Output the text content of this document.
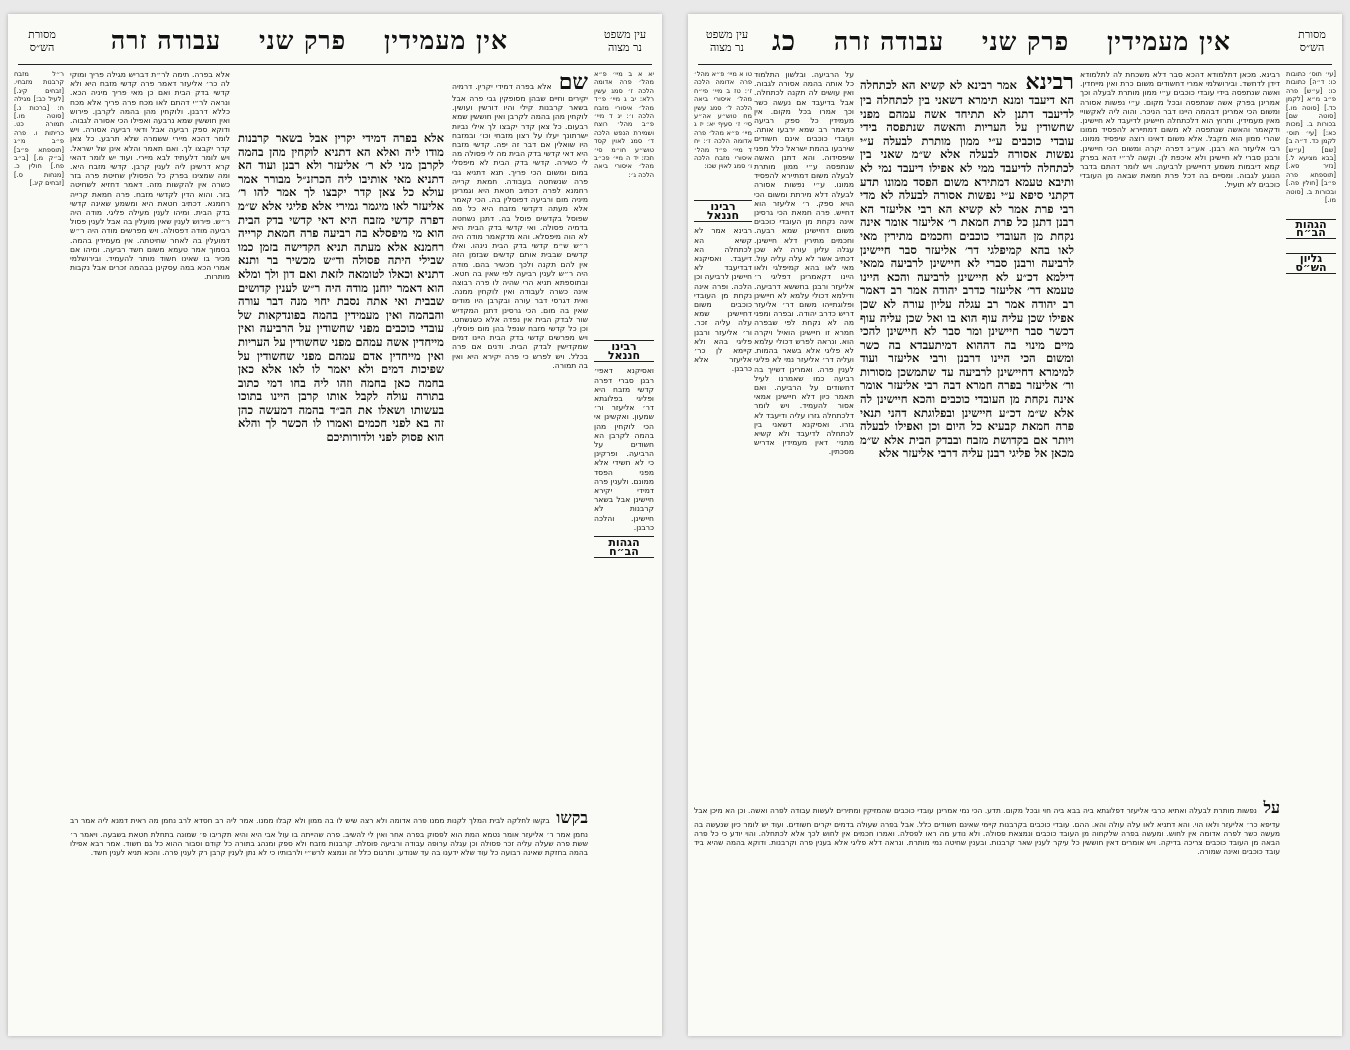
אין מעמידין פרק שני עבודה זרה
מסורת הש״ס
עין משפט נר מצוה

יא א ב מיי׳ פ״א מהל׳ פרה אדומה הלכה ז׳ סמג עשין רלא: יב ג מיי׳ פ״ד מהל׳ איסורי מזבח הלכה ו׳: יג ד מיי׳ פ״ב מהל׳ רוצח ושמירת הנפש הלכה ד׳ סמג לאוין קסד טוש״ע חו״מ סי׳ תכז: יד ה מיי׳ פכ״ב מהל׳ איסורי ביאה הלכה ג׳:

רבינו חננאל

ואסיקנא דאפי׳ רבנן סברי דפרה קדשי מזבח היא ופליגי בפלוגתא דר׳ אליעזר ור׳ שמעון. ואקשינן אי הכי לוקחין מהן בהמה לקרבן הא חשודים על הרביעה. ופרקינן כי לא חשידי אלא מפני הפסד ממונם. ולענין פרה דמידי יקירא חיישינן אבל בשאר קרבנות לא חיישינן. והלכה כרבנן.

הגהות הב״ח

שם אלא בפרה דמידי יקרין. דרמיה יקירים וחיים שבהן מסופקין גבי פרה אבל בשאר קרבנות קילי והיו דורשין ועושין. לוקחין מהן בהמה לקרבן ואין חוששין שמא רבעום. כל צאן קדר יקבצו לך אילי נביות ישרתונך יעלו על רצון מזבחי וכו׳ ובמזבח היו שואלין אם דבר זה יפה. קדשי מזבח היא דאי קדשי בדק הבית מה לי פסולה מה לי כשירה. קדשי בדק הבית לא מיפסלי במום ומשום הכי פריך. תנא דתניא גבי פרה שנשחטה בעבודה. חמאת קרייה רחמנא לפרה דכתיב חטאת היא וגמרינן מיניה מום ורביעה דפוסלין בה. הכי קאמר אלא מעתה דקדשי מזבח היא כל מה שפוסל בקדשים פוסל בה. דתנן נשחטה בדמיה פסולה. ואי קדשי בדק הבית היא לא הוה מיפסלא. והא מדקאמר מודה היה ר״ש ש״מ קדשי בדק הבית נינהו. ואלו קדשים שבבית אותם קדשים שבזמן הזה אין להם תקנה ולכך מכשיר בהם. מודה היה ר״ש לענין רביעה לפי שאין בה חטא. ובתוספתא תניא הרי שהיה לו פרה רבוצה אינה כשרה לעבודה ואין לוקחין ממנה. ואית דגרסי דבר עורה ובקרבן היו מודים שאין בה מום. הכי גרסינן דתנן המקדיש שור לבדק הבית אין נפדה אלא כשנשחט. וכן כל קדשי מזבח שנפל בהן מום פוסלין. ויש מפרשים קדשי בדק הבית היינו דמים שמקדישין לבדק הבית. ודנים אם פרה בכלל. ויש לפרש כי פרה יקירא היא ואין בה תמורה.

אלא בפרה דמידי יקרין אבל בשאר קרבנות מודו ליה ואלא הא דתניא לוקחין מהן בהמה לקרבן מני לא ר׳ אליעזר ולא רבנן ועוד הא דתניא מאי אותיבו ליה הכרזנ״ל מבורר אמר עולא כל צאן קדר יקבצו לך אמר להו ר׳ אליעזר לאו מיגמר גמירי אלא פליגי אלא ש״מ דפרה קדשי מזבח היא דאי קדשי בדק הבית הוא מי מיפסלא בה רביעה פרה חמאת קרייה רחמנא אלא מעתה תניא הקדישה בזמן כמו שבילי היתה פסולה וד״ש מכשיר בר ותנא דתניא וכאלו לטומאה לזאת ואם דון ולך ומלא הוא דאמר יוחנן מודה היה ר״ש לענין קדושים שבבית ואי אתה נסבת יחוי מנה דבר עורה והבהמה ואין מעמידין בהמה בפונדקאות של עובדי כוכבים מפני שחשודין על הרביעה ואין מייחדין אשה עמהם מפני שחשודין על העריות ואין מייחדין אדם עמהם מפני שחשודין על שפיכות דמים ולא יאמר לו לאו אלא כאן בחמה כאן בחמה וזהו ליה בחו דמי כתוב בתורה עולה לקבל אותו קרבן היינו בתוכו בעשותו ושאלו את הב״ד בהמה דמעשה כהן זה בא לפני חכמים ואמרו לו הכשר לך והלא הוא פסוק לפני ולדורותיכם

אלא בפרה. תימה לר״ת דבריש מגילה פריך ומוקי לה כר׳ אליעזר דאמר פרה קדשי מזבח היא ולא קדשי בדק הבית ואם כן מאי פריך מיניה הכא. ונראה לר״י דהתם לאו מכח פרה פריך אלא מכח כללא דרבנן. ולוקחין מהן בהמה לקרבן. פירוש ואין חוששין שמא נרבעה ואפילו הכי אסורה לגבוה. ודוקא ספק רביעה אבל ודאי רביעה אסורה. ויש לומר דהכא מיירי ששמרה שלא תרבע. כל צאן קדר יקבצו לך. ואם תאמר והלא אינן של ישראל. ויש לומר דלעתיד לבא מיירי. ועוד יש לומר דהאי קרא דרשינן ליה לענין קרבן. קדשי מזבח היא. ומה שמצינו בפרק כל הפסולין שחיטת פרה בזר כשרה אין להקשות מזה. דאמר דחזיא לשחיטה בזר. והוא הדין לקדשי מזבח. פרה חמאת קרייה רחמנא. דכתיב חטאת היא ומשמע שאינה קדשי בדק הבית. ומיהו לענין מעילה פליגי. מודה היה ר״ש. פירוש לענין שאין מועלין בה אבל לענין פסול רביעה מודה דפסולה. ויש מפרשים מודה היה ר״ש דמועלין בה לאחר שחיטתה. אין מעמידין בהמה. בסמוך אמר טעמא משום חשד רביעה. ומיהו אם מכיר בו שאינו חשוד מותר להעמיד. ובירושלמי אמרי הכא במה עסקינן בבהמה זכרים אבל נקבות מותרות.

ר״ל מזבח קרבנות מזבחי. [זבחים קיג.] [לעיל כב:] מגילה ח: [ברכות נ.] [סוטה מו.] תמורה כט. כריתות ו. פרה פ״ב מ״ג [תוספתא פ״ב] [ב״ק מ.] [ב״ב פח.] חולין כ. [מנחות ס.] [זבחים קיג.]

בקשו בקשו לחלקה לבית המלך לקנות ממנו פרה אדומה ולא רצה שיש לו בה ממון ולא קבלו ממנו. אמר ליה רב חסדא לרב נחמן מה ראית דמנא ליה אמר רב נחמן אמר ר׳ אליעזר אומר נטמא המת הוא לפסוק בפרה אחר ואין לי להשיב. פרה שהייתה בו עול אבי היא והיא תקריבו פ׳ שמונה בתחלת חטאת בשבעה. ויאמר ר׳ ששת פרה שעלה עליה זכר פסולה וכן עגלה ערופה עבודה ורביעה פוסלת. קרבנות מזבח ולא ספק ומנהג בתורה כל קודם וסבור ההוא כל גם חשוד. אמר רבא אפילו בהמה בחזקת שאינה רבועה כל עוד שלא ידענו בה עד שנודע. ותרגום כלל זה ונמצא לרש״י ולרבותיו כי לא נתן לענין קרבן רק לענין פרה. והכא תניא לענין חשד.

אין מעמידין פרק שני עבודה זרה כג	מסורת הש״ס
עין משפט נר מצוה

[עי׳ תוס׳ כתובות כו: ד״ה] כתובות כו: [ע״ש] פרה פ״ב מ״א [לקמן כד.] [סוטה מו.] [סוטה שם] בכורות ב. [מכות כא:] [עי׳ תוס׳ לקמן כד. ד״ה ב] [שם] [ע״ש] [בבא מציעא ל.] [נזיר סא.] [תוספתא פרה פ״ב] [חולין פה.] ובכורות ב. [סוטה מו.]

הגהות הב״ח
גליון הש״ס

רבינא. מכאן דתלמודא דהכא סבר דלא משכחת לה לתלמודא דידן לדחשד. ובירושלמי אמרי דחשודים משום כרת ואין מייחדין. ואשה שנתפסה בידי עובדי כוכבים ע״י ממון מותרת לבעלה וכך אמרינן בפרק אשה שנתפסה ובכל מקום. ע״י נפשות אסורה ומשום הכי אמרינן דבהמה היינו דבר הניכר. והוה ליה לאקשויי מאין מעמידין. ותרוץ הוא דלכתחלה חיישינן לדיעבד לא חיישינן. ודקאמר והאשה שנתפסה לא משום דמתיירא להפסיד ממונו שהרי ממון הוא מקבל. אלא משום דאינו רוצה שיפסיד ממונו. רבי אליעזר הא רבנן. אע״ג דפרה יקרה ומשום הכי חיישינן. ורבנן סברי לא חיישינן ולא איכפת לן. וקשה לר״י דהא בפרק קמא דיבמות משמע דחיישינן לרביעה. ויש לומר דהתם בדבר הנוגע לגבוה. ומסיים בה דכל פרת חמאת שבאה מן העובדי כוכבים לא תועיל.

רבינא אמר רבינא לא קשיא הא לכתחלה הא דיעבד ומנא תימרא דשאני בין לכתחלה בין לדיעבד דתנן לא תתיחד אשה עמהם מפני שחשודין על העריות והאשה שנתפסה בידי עובדי כוכבים ע״י ממון מותרת לבעלה ע״י נפשות אסורה לבעלה אלא ש״מ שאני בין לכתחלה לדיעבד ממי לא אפילו דיעבד נמי לא ותיבא טעמא דמתירא משום הפסד ממונו תדע דקתני סיפא ע״י נפשות אסורה לבעלה לא מדי רבי פרת אמר לא קשיא הא רבי אליעזר הא רבנן דתנן כל פרת חמאת ר׳ אליעזר אומר אינה נקחת מן העובדי כוכבים וחכמים מתירין מאי לאו בהא קמיפלגי דר׳ אליעזר סבר חיישינן לרביעה ורבנן סברי לא חיישינן לרביעה ממאי דילמא דכ״ע לא חיישינן לרביעה והכא היינו טעמא דר׳ אליעזר כדרב יהודה אמר רב דאמר רב יהודה אמר רב עגלה עליון עורה לא שכן אפילו שכן עליה עוף הוא בו ואל שכן עליה עוף דכשר סבר חיישינן ומר סבר לא חיישינן להכי מיים מינוי בה דההוא דמיתעבדא בה כשר ומשום הכי היינו דרבנן ורבי אליעזר ועוד למימרא דחיישינן לרביעה עד שתמשכן מסורות ור׳ אליעזר בפרה חמרא דבה רבי אליעזר אומר אינה נקחת מן העובדי כוכבים והכא חיישינן לה אלא ש״מ דכ״ע חיישינן ובפלוגתא דהני תנאי פרה חמאת קבעיא כל היום וכן ואפילו לבעלה ויותר אם בקדושת מזבח ובבדק הבית אלא ש״מ מכאן אל פליגי רבנן עליה דרבי אליעזר אלא

על הרביעה. ובלשון התלמוד כל אותה בהמה אסורה לגבוה. ואין עושים לה תקנה לכתחלה. אבל בדיעבד אם נעשה כשר וכך אמרו בכל מקום. אין מעמידין כל ספק רביעה כדאמר רב שמא ירבעו אותה. ועובדי כוכבים אינם חשודים שירבעו בהמת ישראל כלל מפני שיפסידוה. והא דתנן האשה שנתפסה ע״י ממון מותרת לבעלה משום דמתיירא להפסיד ממונו. ע״י נפשות אסורה לבעלה דלא מירתת ומשום הכי הויא ספק. ר׳ אליעזר הוא דחייש. פרה חמאת הכי גרסינן אינה נקחת מן העובדי כוכבים משום דחיישינן שמא רבעה. וחכמים מתירין דלא חיישינן. עגלה עליון עורה לא שכן דכתיב אשר לא עלה עליה עול. מאי לאו בהא קמיפלגי ולאו היינו דקאמרינן דפליגי ר׳ אליעזר ורבנן בחששא דרביעה. ודילמא דכולי עלמא לא חיישינן ופלוגתייהו משום דר׳ אליעזר דריש כדרב יהודה. ובפרה ומפני מה לא נקחת לפי שבפרה חמרא זו חיישינן הואיל ויקרה הוא. ונראה לפרש דכולי עלמא לא פליגי אלא בשאר בהמות. ועליה דר׳ אליעזר נמי לא פליגי לענין פרה. ואמרינן דשייך בה רביעה כמו שאמרנו לעיל דחשודים על הרביעה. ואם תאמר כיון דלא חיישינן אמאי אסור להעמיד. ויש לומר דלכתחלה גזרו עליה ודיעבד לא גזרו. ואסיקנא דשאני בין לכתחלה לדיעבד ולא קשיא מתני׳ דאין מעמידין אדריש מסכתין.

טו א מיי׳ פ״א מהל׳ פרה אדומה הלכה ז׳: טז ב מיי׳ פי״ח מהל׳ איסורי ביאה הלכה ל׳ סמג עשין מח טוש״ע אה״ע סי׳ ז׳ סעיף יא: יז ג מיי׳ פ״א מהל׳ פרה אדומה הלכה ז׳: יח ד מיי׳ פ״ד מהל׳ איסורי מזבח הלכה ו׳ סמג לאוין שכו:

רבינו חננאל

רבינא אמר לא קשיא הא לכתחלה הא דיעבד. ואסיקנא דבדיעבד לא חיישינן לרביעה וכן הלכה. ופרה אינה נקחת מן העובדי כוכבים משום דחיישינן שמא עלה עליה זכר. ור׳ אליעזר ורבנן פליגי בהא ולא קיימא לן כר׳ אליעזר אלא כרבנן.

על נפשות מותרת לבעלה ואתיא כרבי אליעזר דפלוגתא ביה בבא ביה חוי ובכל מקום. תדע. הכי נמי אמרינן עובדי כוכבים שהמזיקין ומתירים לעשות עבודה לפרה ואשה. וכן הא מיכן אבל עדיפא כר׳ אליעזר ולאו הוי. והא דתניא לאו עלה עולה והא. ההם. עובדי כוכבים בקרבנות קיימי שאינם חשודים כלל. אבל בפרה שעולה בדמים יקרים חשודים. ועוד יש לומר כיון שנעשה בה מעשה כשר לפרה אדומה אין לחוש. ומעשה בפרה שלקחוה מן העובד כוכבים ונמצאת פסולה. ולא נודע מה ראו לפסלה. ואמרו חכמים אין לחוש לכך אלא לכתחלה. והוי יודע כי כל פרה הבאה מן העובד כוכבים צריכה בדיקה. ויש אומרים דאין חוששין כל עיקר לענין שאר קרבנות. ובענין שחיטה נמי מותרת. ונראה דלא פליגי אלא בענין פרה וקרבנות. ודוקא בהמה שהיא ביד עובד כוכבים ואינה שמורה.
